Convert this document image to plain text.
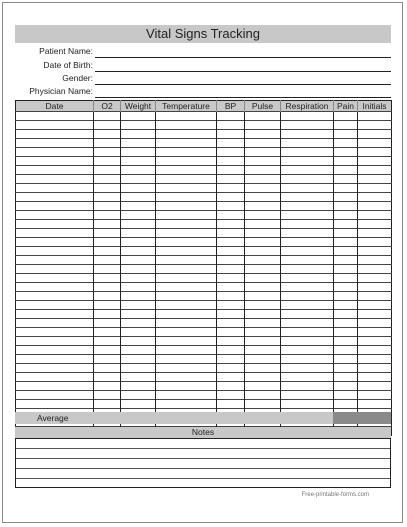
Vital Signs Tracking
Patient Name:
Date of Birth:
Gender:
Physician Name:
Date	O2	Weight	Temperature	BP	Pulse	Respiration	Pain	Initials

Average
Notes
Free-printable-forms.com
